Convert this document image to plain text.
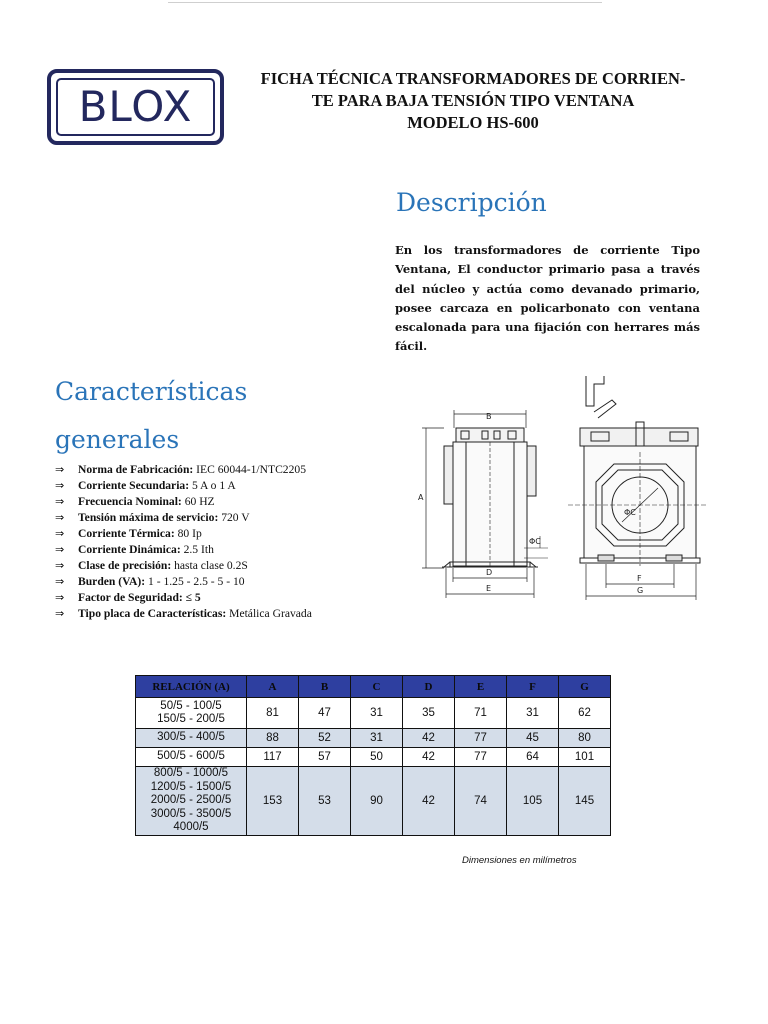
BLOX
FICHA TÉCNICA TRANSFORMADORES DE CORRIEN-
TE PARA BAJA TENSIÓN TIPO VENTANA
MODELO HS-600
Descripción
En los transformadores de corriente Tipo Ventana, El conductor primario pasa a través del núcleo y actúa como devanado primario, posee carcaza en policarbonato con ventana escalonada para una fijación con herrares más fácil.
Características
generales
⇒ Norma de Fabricación: IEC 60044-1/NTC2205
⇒ Corriente Secundaria: 5 A o 1 A
⇒ Frecuencia Nominal: 60 HZ
⇒ Tensión máxima de servicio: 720 V
⇒ Corriente Térmica: 80 Ip
⇒ Corriente Dinámica: 2.5 Ith
⇒ Clase de precisión: hasta clase 0.2S
⇒ Burden (VA): 1 - 1.25 - 2.5 - 5 - 10
⇒ Factor de Seguridad: ≤ 5
⇒ Tipo placa de Características: Metálica Gravada
B
A
D
E
ΦC
ΦC
F
G
RELACIÓN (A)	A	B	C	D	E	F	G

50/5 - 100/5
150/5 - 200/5	81	47	31	35	71	31	62

300/5 - 400/5	88	52	31	42	77	45	80

500/5 - 600/5	117	57	50	42	77	64	101

800/5 - 1000/5
1200/5 - 1500/5
2000/5 - 2500/5
3000/5 - 3500/5
4000/5	153	53	90	42	74	105	145
Dimensiones en milímetros
